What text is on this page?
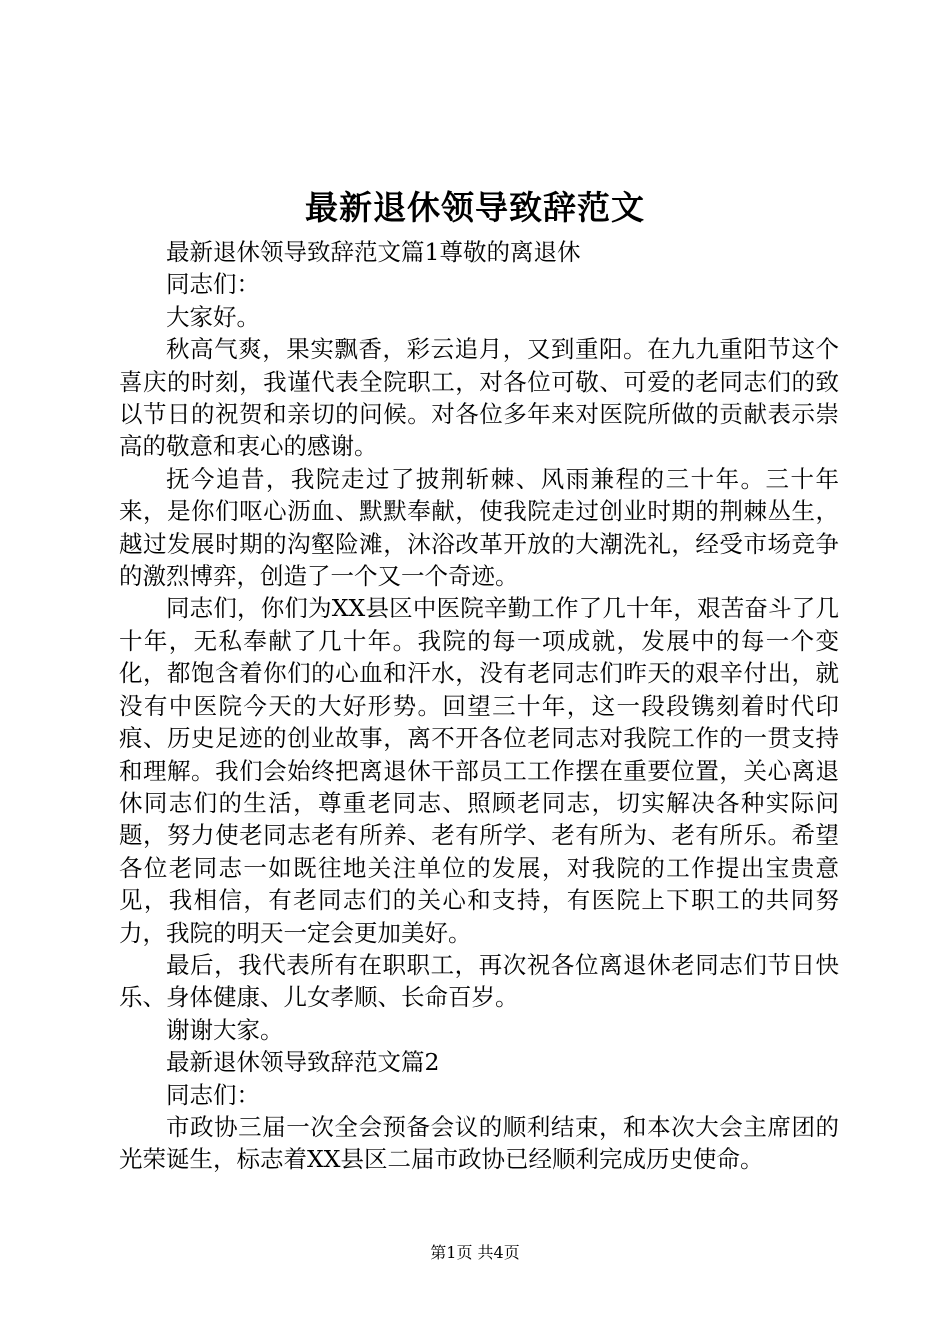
最新退休领导致辞范文

最新退休领导致辞范文篇1尊敬的离退休

同志们：

大家好。

秋高气爽，果实飘香，彩云追月，又到重阳。在九九重阳节这个喜庆的时刻，我谨代表全院职工，对各位可敬、可爱的老同志们的致以节日的祝贺和亲切的问候。对各位多年来对医院所做的贡献表示崇高的敬意和衷心的感谢。

抚今追昔，我院走过了披荆斩棘、风雨兼程的三十年。三十年来，是你们呕心沥血、默默奉献，使我院走过创业时期的荆棘丛生，越过发展时期的沟壑险滩，沐浴改革开放的大潮洗礼，经受市场竞争的激烈博弈，创造了一个又一个奇迹。

同志们，你们为XX县区中医院辛勤工作了几十年，艰苦奋斗了几十年，无私奉献了几十年。我院的每一项成就，发展中的每一个变化，都饱含着你们的心血和汗水，没有老同志们昨天的艰辛付出，就没有中医院今天的大好形势。回望三十年，这一段段镌刻着时代印痕、历史足迹的创业故事，离不开各位老同志对我院工作的一贯支持和理解。我们会始终把离退休干部员工工作摆在重要位置，关心离退休同志们的生活，尊重老同志、照顾老同志，切实解决各种实际问题，努力使老同志老有所养、老有所学、老有所为、老有所乐。希望各位老同志一如既往地关注单位的发展，对我院的工作提出宝贵意见，我相信，有老同志们的关心和支持，有医院上下职工的共同努力，我院的明天一定会更加美好。

最后，我代表所有在职职工，再次祝各位离退休老同志们节日快乐、身体健康、儿女孝顺、长命百岁。

谢谢大家。

最新退休领导致辞范文篇2

同志们：

市政协三届一次全会预备会议的顺利结束，和本次大会主席团的光荣诞生，标志着XX县区二届市政协已经顺利完成历史使命。

第1页 共4页
